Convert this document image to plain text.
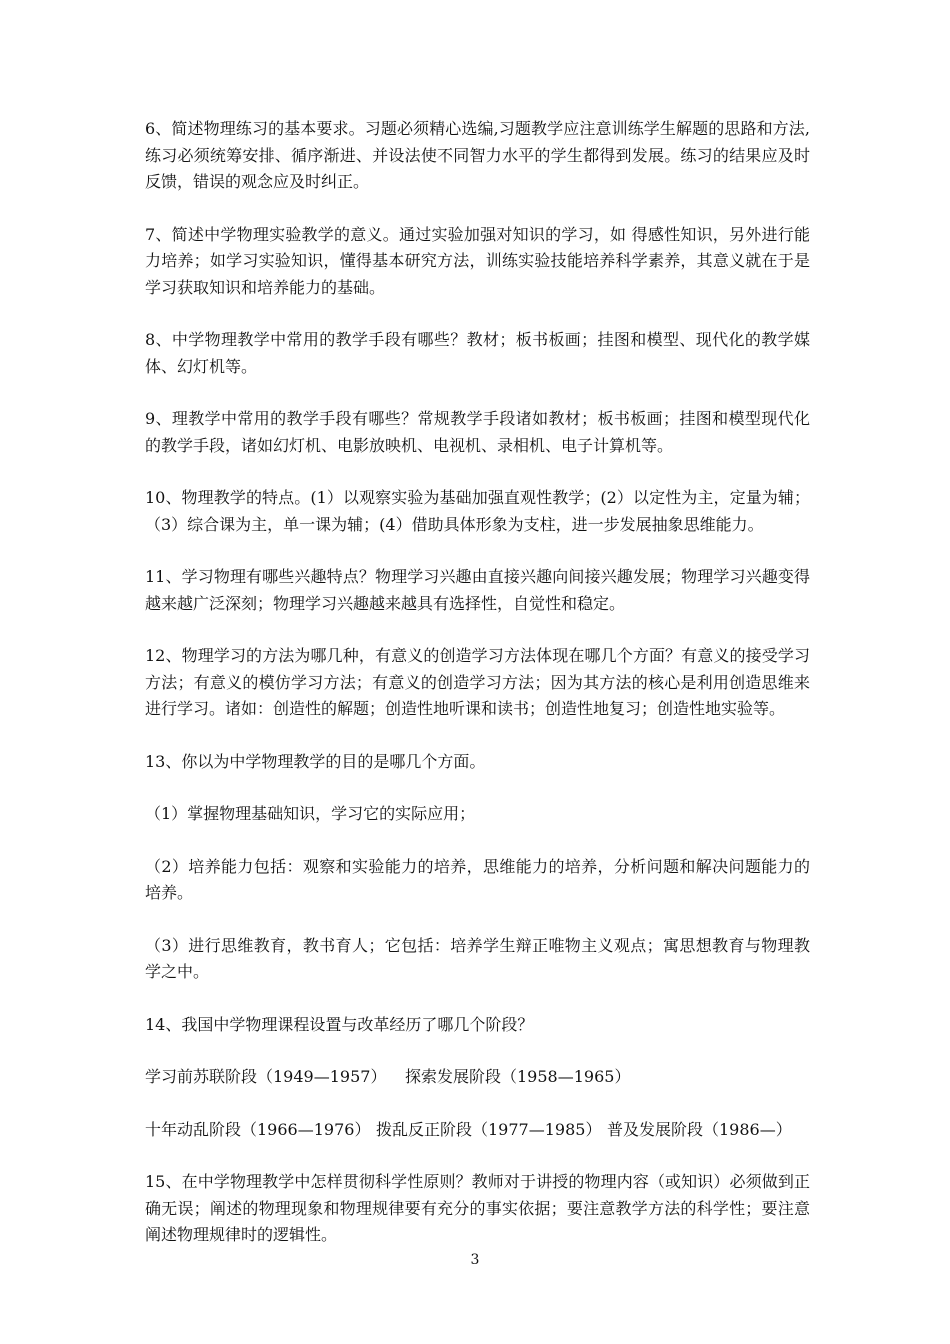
6、简述物理练习的基本要求。习题必须精心选编,习题教学应注意训练学生解题的思路和方法,练习必须统筹安排、循序渐进、并设法使不同智力水平的学生都得到发展。练习的结果应及时反馈，错误的观念应及时纠正。

7、简述中学物理实验教学的意义。通过实验加强对知识的学习，如 得感性知识，另外进行能力培养；如学习实验知识，懂得基本研究方法，训练实验技能培养科学素养，其意义就在于是学习获取知识和培养能力的基础。

8、中学物理教学中常用的教学手段有哪些？教材；板书板画；挂图和模型、现代化的教学媒体、幻灯机等。

9、理教学中常用的教学手段有哪些？常规教学手段诸如教材；板书板画；挂图和模型现代化的教学手段，诸如幻灯机、电影放映机、电视机、录相机、电子计算机等。

10、物理教学的特点。(1）以观察实验为基础加强直观性教学；(2）以定性为主，定量为辅；（3）综合课为主，单一课为辅；(4）借助具体形象为支柱，进一步发展抽象思维能力。

11、学习物理有哪些兴趣特点？物理学习兴趣由直接兴趣向间接兴趣发展；物理学习兴趣变得越来越广泛深刻；物理学习兴趣越来越具有选择性，自觉性和稳定。

12、物理学习的方法为哪几种，有意义的创造学习方法体现在哪几个方面？有意义的接受学习方法；有意义的模仿学习方法；有意义的创造学习方法；因为其方法的核心是利用创造思维来进行学习。诸如：创造性的解题；创造性地听课和读书；创造性地复习；创造性地实验等。

13、你以为中学物理教学的目的是哪几个方面。

（1）掌握物理基础知识，学习它的实际应用；

（2）培养能力包括：观察和实验能力的培养，思维能力的培养，分析问题和解决问题能力的培养。

（3）进行思维教育，教书育人；它包括：培养学生辩正唯物主义观点；寓思想教育与物理教学之中。

14、我国中学物理课程设置与改革经历了哪几个阶段？

学习前苏联阶段（1949—1957）	探索发展阶段（1958—1965）
十年动乱阶段（1966—1976） 拨乱反正阶段（1977—1985） 普及发展阶段（1986—）

15、在中学物理教学中怎样贯彻科学性原则？教师对于讲授的物理内容（或知识）必须做到正确无误；阐述的物理现象和物理规律要有充分的事实依据；要注意教学方法的科学性；要注意阐述物理规律时的逻辑性。

3
